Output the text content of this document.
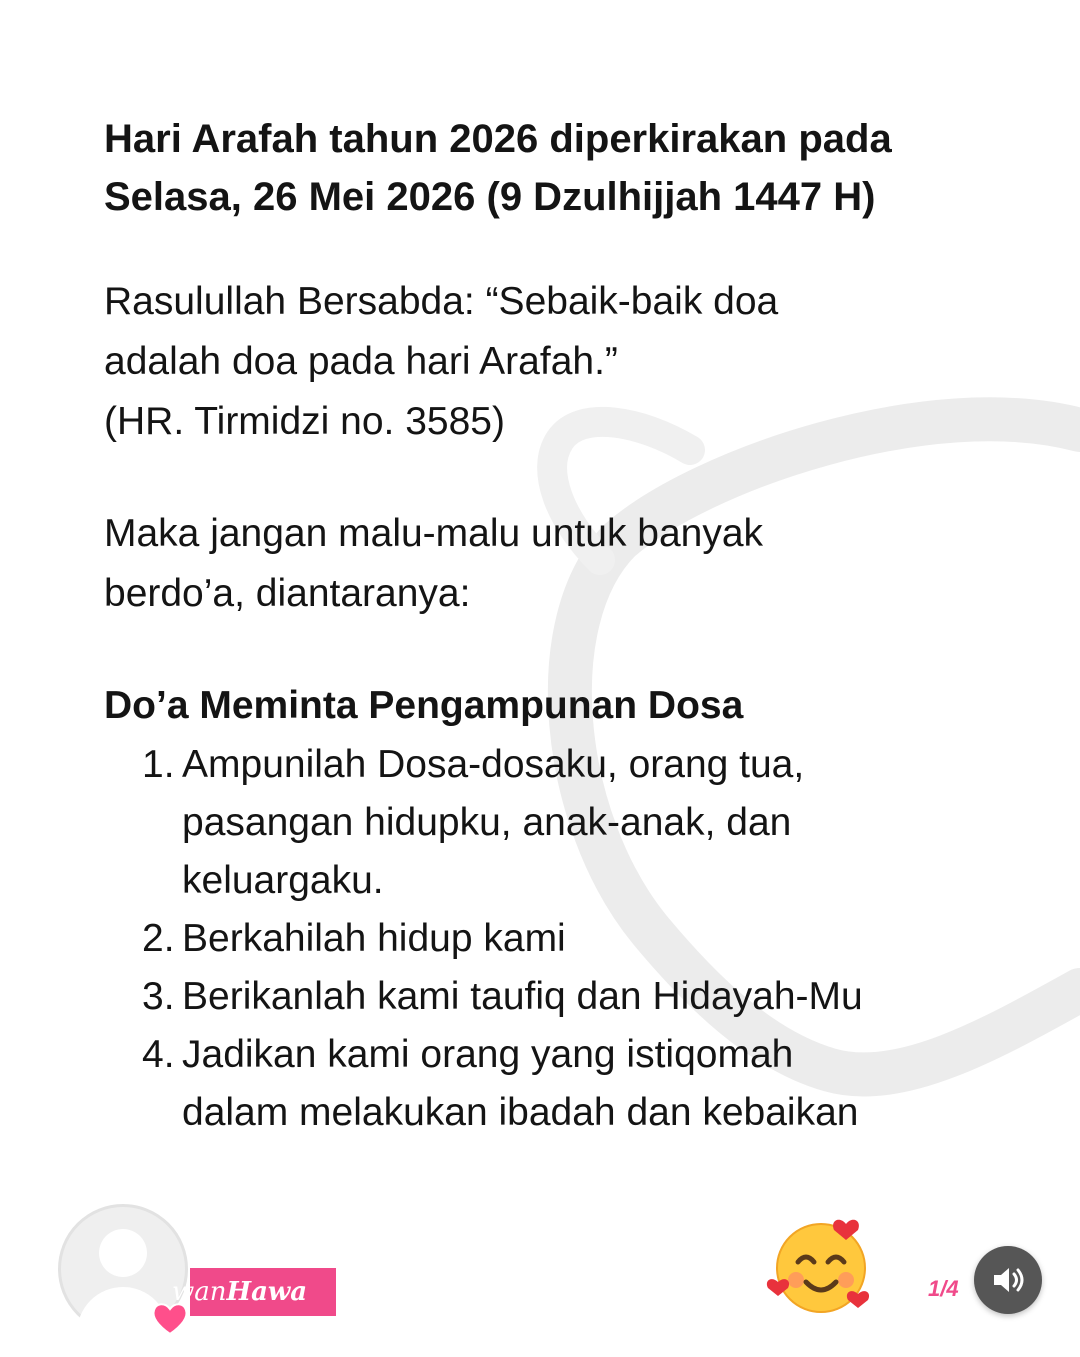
Hari Arafah tahun 2026 diperkirakan pada
Selasa, 26 Mei 2026 (9 Dzulhijjah 1447 H)

Rasulullah Bersabda: “Sebaik-baik doa
adalah doa pada hari Arafah.”
(HR. Tirmidzi no. 3585)

Maka jangan malu-malu untuk banyak
berdo’a, diantaranya:

Do’a Meminta Pengampunan Dosa
1. Ampunilah Dosa-dosaku, orang tua,
pasangan hidupku, anak-anak, dan
keluargaku.
2. Berkahilah hidup kami
3. Berikanlah kami taufiq dan Hidayah-Mu
4. Jadikan kami orang yang istiqomah
dalam melakukan ibadah dan kebaikan
wanHawa	1/4
